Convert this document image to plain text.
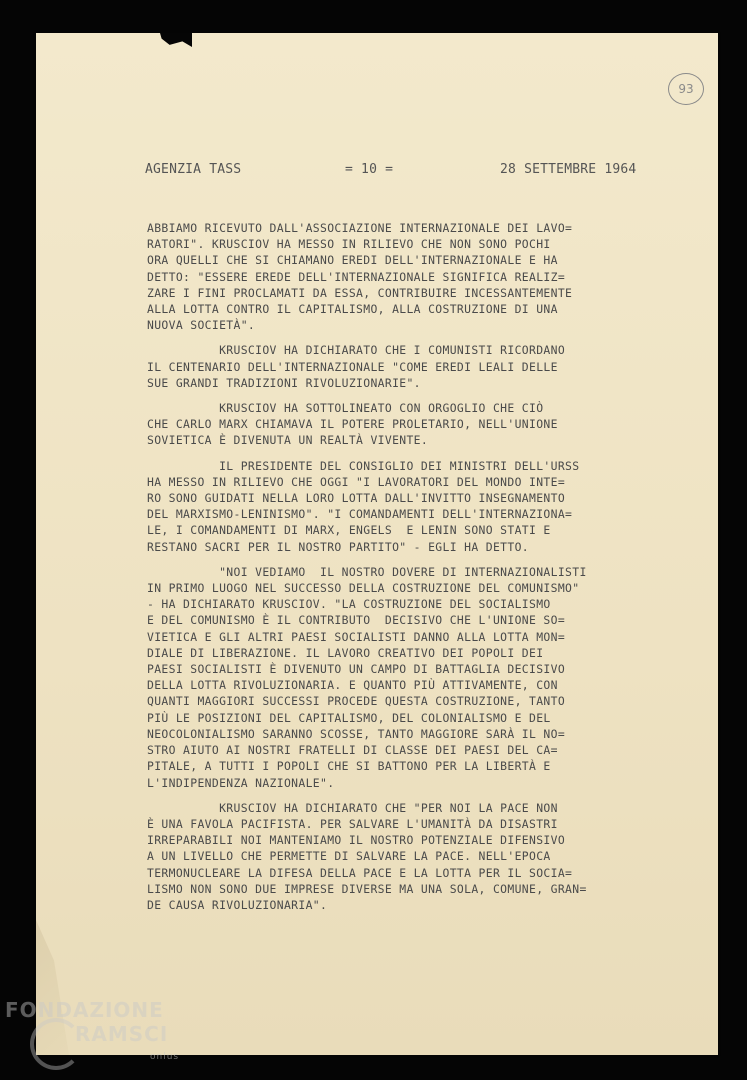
93
AGENZIA TASS	= 10 =	28 SETTEMBRE 1964
ABBIAMO RICEVUTO DALL'ASSOCIAZIONE INTERNAZIONALE DEI LAVO=
RATORI". KRUSCIOV HA MESSO IN RILIEVO CHE NON SONO POCHI
ORA QUELLI CHE SI CHIAMANO EREDI DELL'INTERNAZIONALE E HA
DETTO: "ESSERE EREDE DELL'INTERNAZIONALE SIGNIFICA REALIZ=
ZARE I FINI PROCLAMATI DA ESSA, CONTRIBUIRE INCESSANTEMENTE
ALLA LOTTA CONTRO IL CAPITALISMO, ALLA COSTRUZIONE DI UNA
NUOVA SOCIETÀ".
KRUSCIOV HA DICHIARATO CHE I COMUNISTI RICORDANO
IL CENTENARIO DELL'INTERNAZIONALE "COME EREDI LEALI DELLE
SUE GRANDI TRADIZIONI RIVOLUZIONARIE".
KRUSCIOV HA SOTTOLINEATO CON ORGOGLIO CHE CIÒ
CHE CARLO MARX CHIAMAVA IL POTERE PROLETARIO, NELL'UNIONE
SOVIETICA È DIVENUTA UN REALTÀ VIVENTE.
IL PRESIDENTE DEL CONSIGLIO DEI MINISTRI DELL'URSS
HA MESSO IN RILIEVO CHE OGGI "I LAVORATORI DEL MONDO INTE=
RO SONO GUIDATI NELLA LORO LOTTA DALL'INVITTO INSEGNAMENTO
DEL MARXISMO-LENINISMO". "I COMANDAMENTI DELL'INTERNAZIONA=
LE, I COMANDAMENTI DI MARX, ENGELS  E LENIN SONO STATI E
RESTANO SACRI PER IL NOSTRO PARTITO" - EGLI HA DETTO.
"NOI VEDIAMO  IL NOSTRO DOVERE DI INTERNAZIONALISTI
IN PRIMO LUOGO NEL SUCCESSO DELLA COSTRUZIONE DEL COMUNISMO"
- HA DICHIARATO KRUSCIOV. "LA COSTRUZIONE DEL SOCIALISMO
E DEL COMUNISMO È IL CONTRIBUTO  DECISIVO CHE L'UNIONE SO=
VIETICA E GLI ALTRI PAESI SOCIALISTI DANNO ALLA LOTTA MON=
DIALE DI LIBERAZIONE. IL LAVORO CREATIVO DEI POPOLI DEI
PAESI SOCIALISTI È DIVENUTO UN CAMPO DI BATTAGLIA DECISIVO
DELLA LOTTA RIVOLUZIONARIA. E QUANTO PIÙ ATTIVAMENTE, CON
QUANTI MAGGIORI SUCCESSI PROCEDE QUESTA COSTRUZIONE, TANTO
PIÙ LE POSIZIONI DEL CAPITALISMO, DEL COLONIALISMO E DEL
NEOCOLONIALISMO SARANNO SCOSSE, TANTO MAGGIORE SARÀ IL NO=
STRO AIUTO AI NOSTRI FRATELLI DI CLASSE DEI PAESI DEL CA=
PITALE, A TUTTI I POPOLI CHE SI BATTONO PER LA LIBERTÀ E
L'INDIPENDENZA NAZIONALE".
KRUSCIOV HA DICHIARATO CHE "PER NOI LA PACE NON
È UNA FAVOLA PACIFISTA. PER SALVARE L'UMANITÀ DA DISASTRI
IRREPARABILI NOI MANTENIAMO IL NOSTRO POTENZIALE DIFENSIVO
A UN LIVELLO CHE PERMETTE DI SALVARE LA PACE. NELL'EPOCA
TERMONUCLEARE LA DIFESA DELLA PACE E LA LOTTA PER IL SOCIA=
LISMO NON SONO DUE IMPRESE DIVERSE MA UNA SOLA, COMUNE, GRAN=
DE CAUSA RIVOLUZIONARIA".
FONDAZIONE
RAMSCI
onlus
